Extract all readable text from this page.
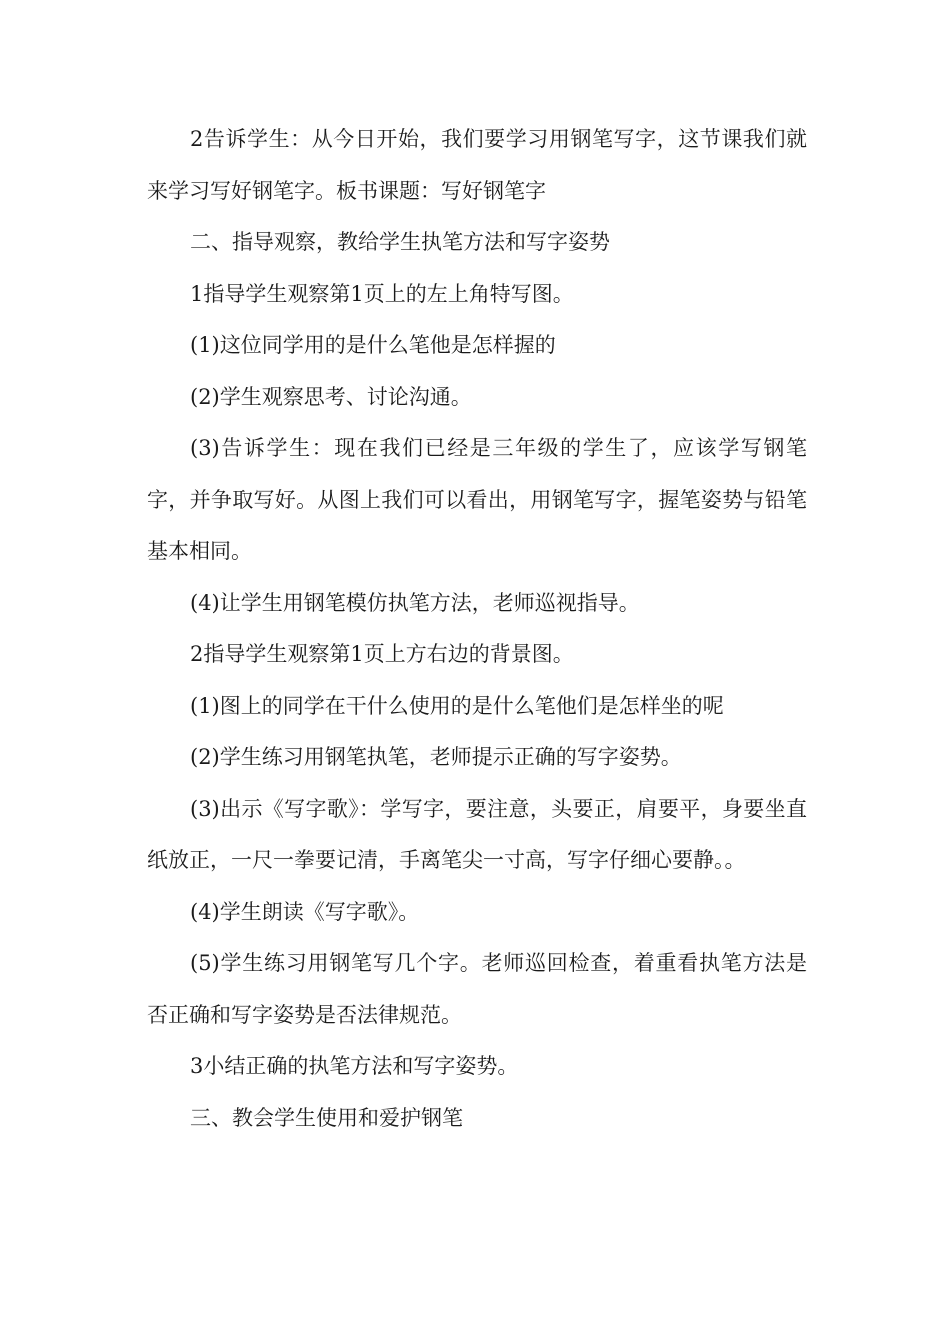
2告诉学生：从今日开始，我们要学习用钢笔写字，这节课我们就来学习写好钢笔字。板书课题：写好钢笔字

二、指导观察，教给学生执笔方法和写字姿势

1指导学生观察第1页上的左上角特写图。

(1)这位同学用的是什么笔他是怎样握的

(2)学生观察思考、讨论沟通。

(3)告诉学生：现在我们已经是三年级的学生了，应该学写钢笔字，并争取写好。从图上我们可以看出，用钢笔写字，握笔姿势与铅笔基本相同。

(4)让学生用钢笔模仿执笔方法，老师巡视指导。

2指导学生观察第1页上方右边的背景图。

(1)图上的同学在干什么使用的是什么笔他们是怎样坐的呢

(2)学生练习用钢笔执笔，老师提示正确的写字姿势。

(3)出示《写字歌》：学写字，要注意，头要正，肩要平，身要坐直纸放正，一尺一拳要记清，手离笔尖一寸高，写字仔细心要静。。

(4)学生朗读《写字歌》。

(5)学生练习用钢笔写几个字。老师巡回检查，着重看执笔方法是否正确和写字姿势是否法律规范。

3小结正确的执笔方法和写字姿势。

三、教会学生使用和爱护钢笔
